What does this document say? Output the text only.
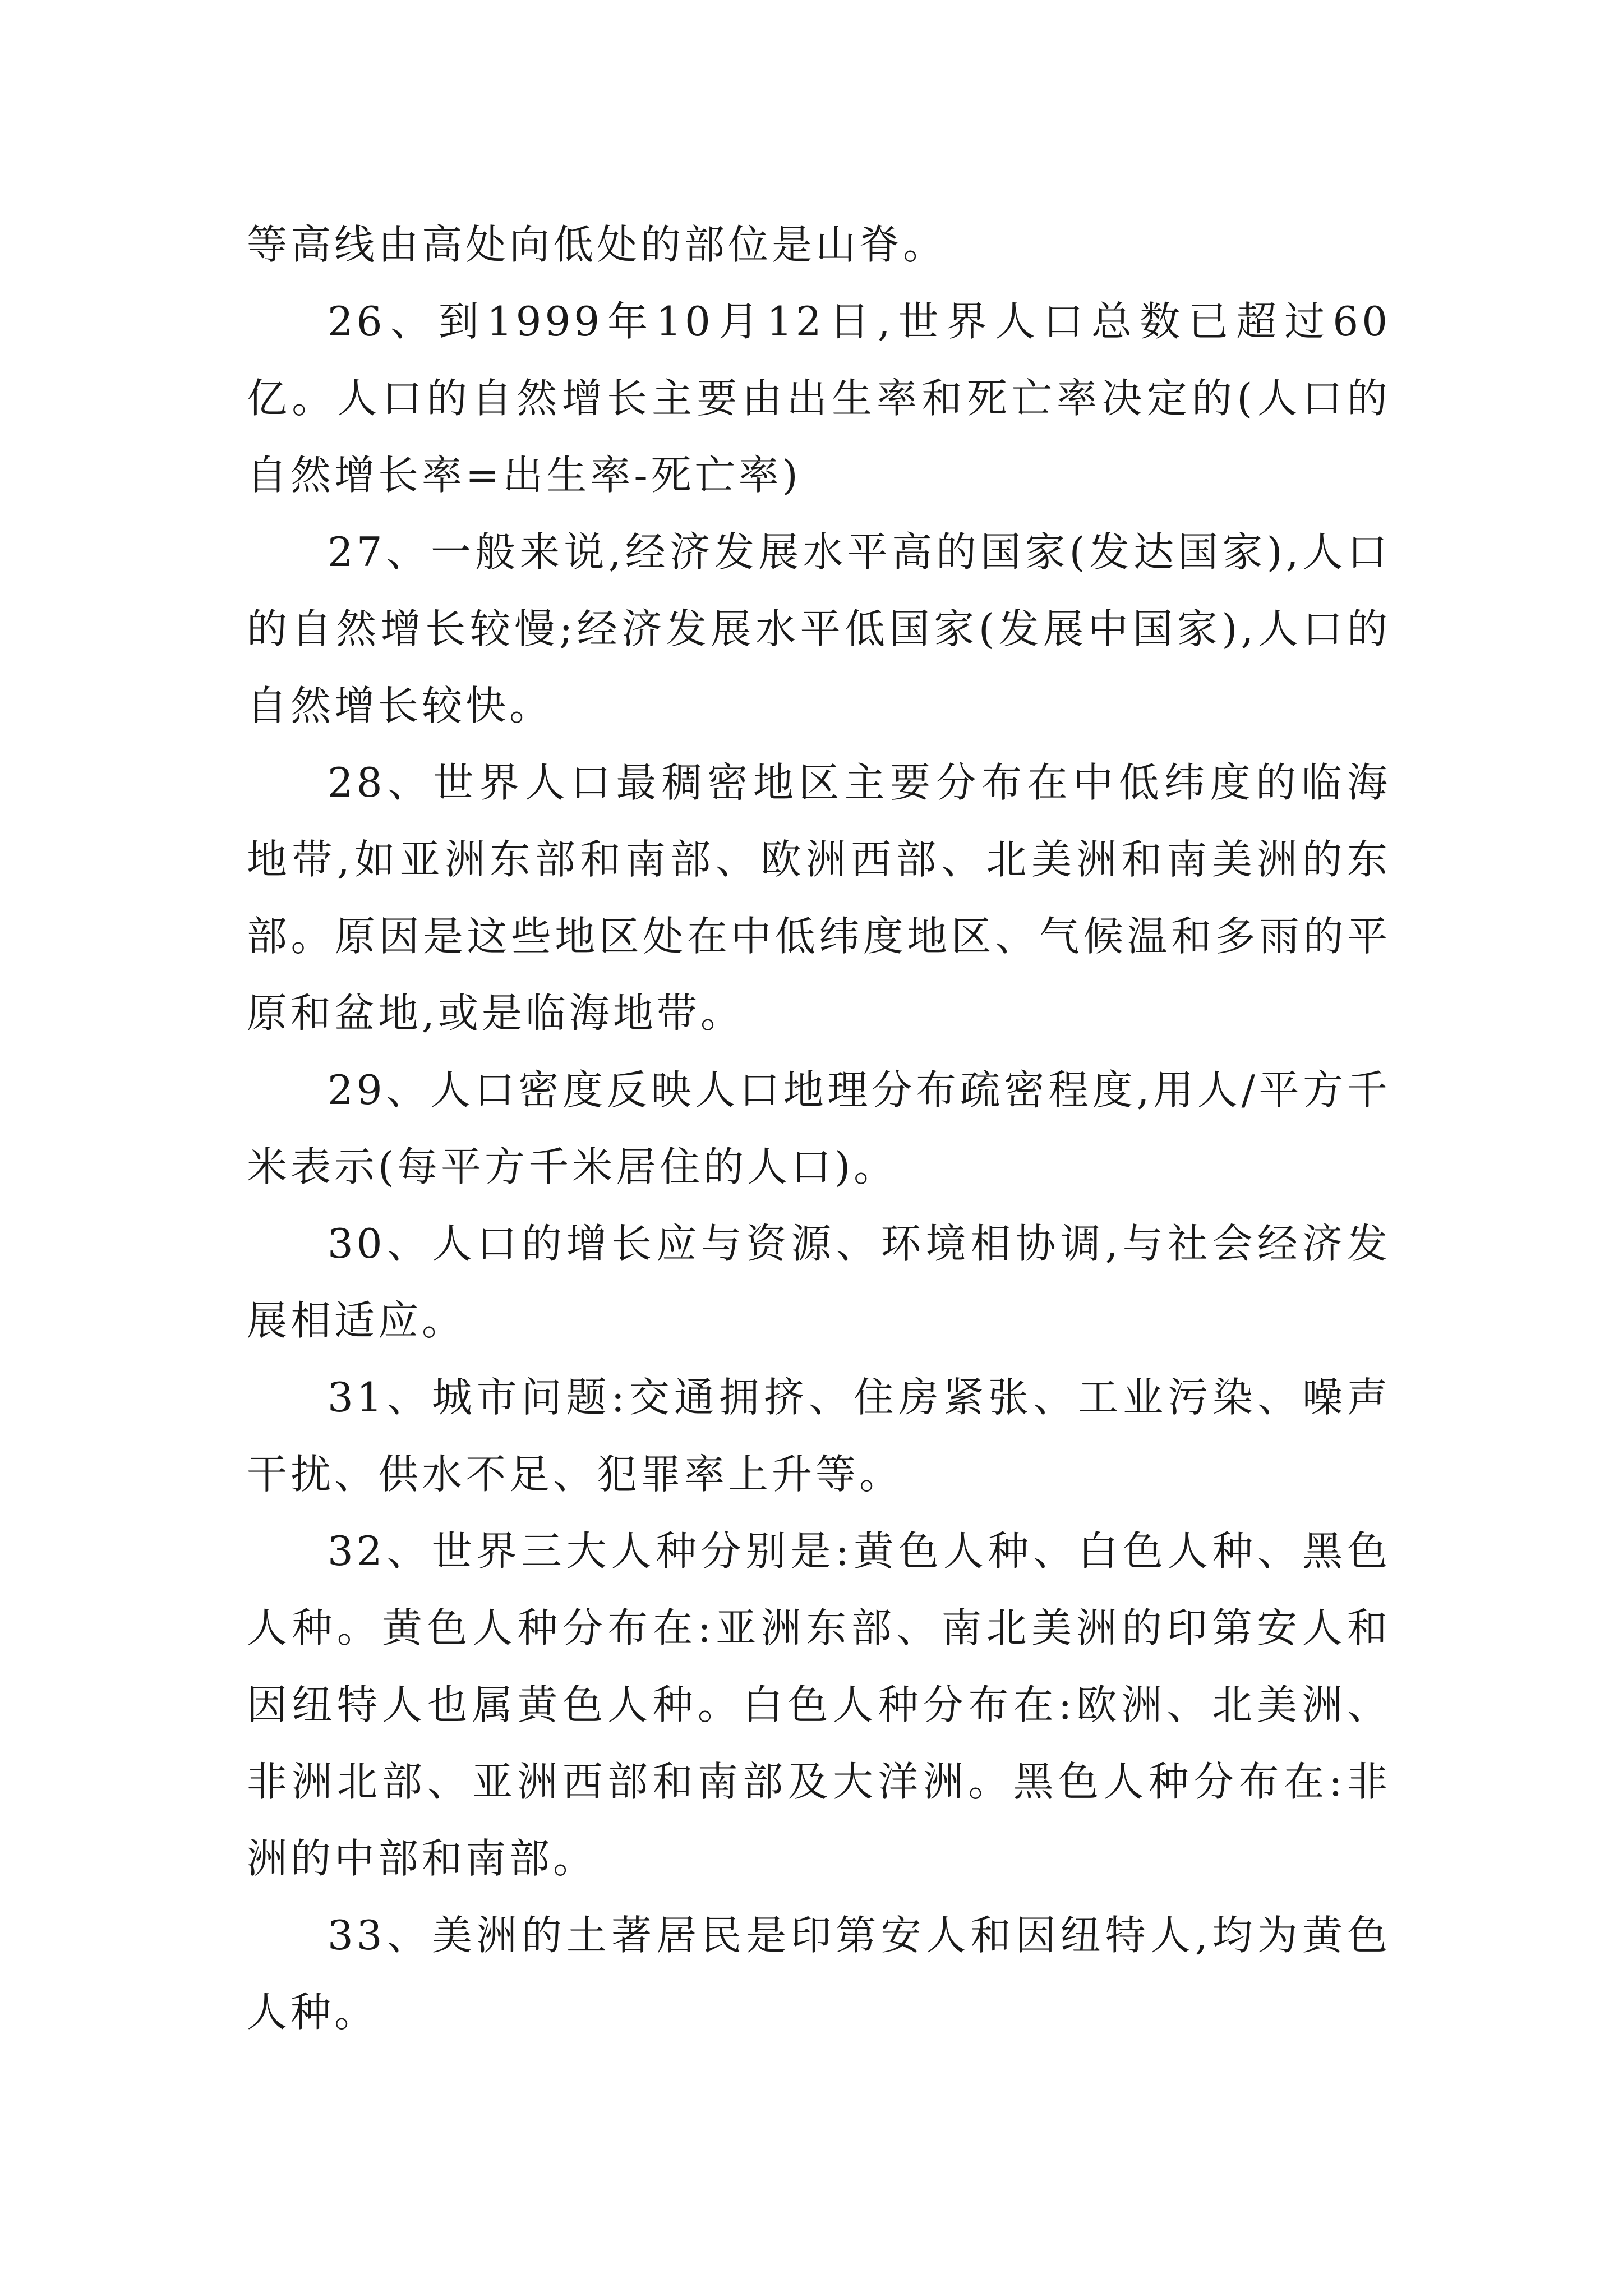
等高线由高处向低处的部位是山脊。

26、到1999年10月12日,世界人口总数已超过60亿。人口的自然增长主要由出生率和死亡率决定的(人口的自然增长率=出生率-死亡率)

27、一般来说,经济发展水平高的国家(发达国家),人口的自然增长较慢;经济发展水平低国家(发展中国家),人口的自然增长较快。

28、世界人口最稠密地区主要分布在中低纬度的临海地带,如亚洲东部和南部、欧洲西部、北美洲和南美洲的东部。原因是这些地区处在中低纬度地区、气候温和多雨的平原和盆地,或是临海地带。

29、人口密度反映人口地理分布疏密程度,用人/平方千米表示(每平方千米居住的人口)。

30、人口的增长应与资源、环境相协调,与社会经济发展相适应。

31、城市问题:交通拥挤、住房紧张、工业污染、噪声干扰、供水不足、犯罪率上升等。

32、世界三大人种分别是:黄色人种、白色人种、黑色人种。黄色人种分布在:亚洲东部、南北美洲的印第安人和因纽特人也属黄色人种。白色人种分布在:欧洲、北美洲、非洲北部、亚洲西部和南部及大洋洲。黑色人种分布在:非洲的中部和南部。

33、美洲的土著居民是印第安人和因纽特人,均为黄色人种。
